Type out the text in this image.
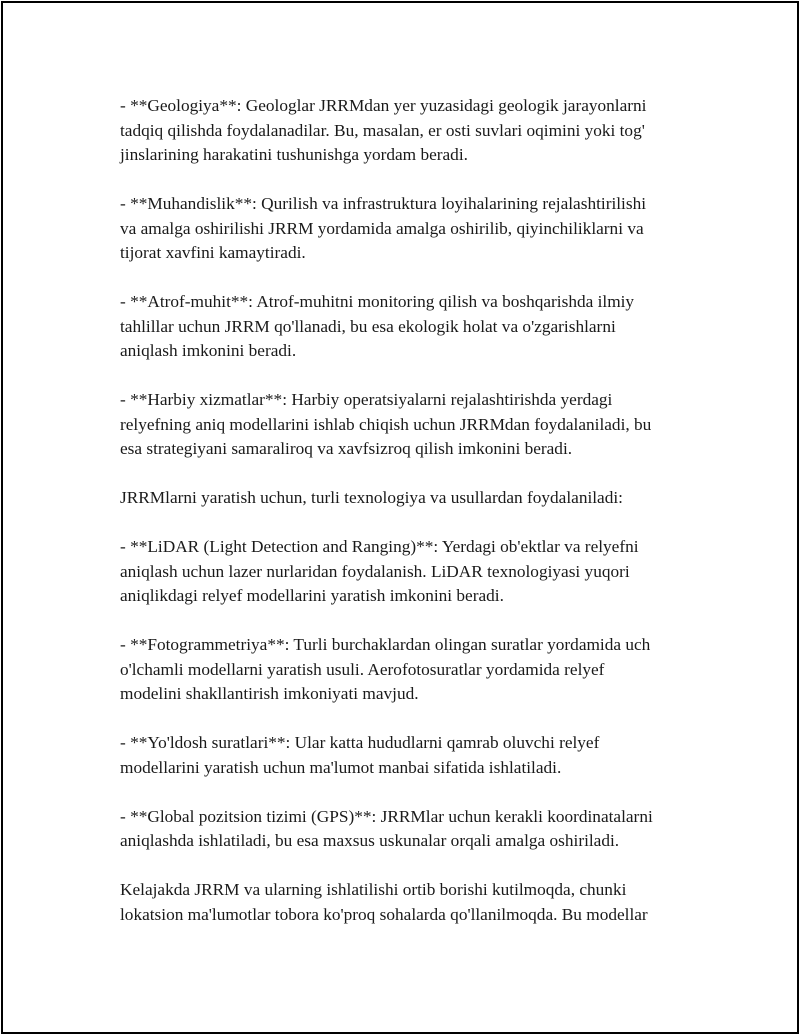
- **Geologiya**: Geologlar JRRMdan yer yuzasidagi geologik jarayonlarni
tadqiq qilishda foydalanadilar. Bu, masalan, er osti suvlari oqimini yoki tog'
jinslarining harakatini tushunishga yordam beradi.

- **Muhandislik**: Qurilish va infrastruktura loyihalarining rejalashtirilishi
va amalga oshirilishi JRRM yordamida amalga oshirilib, qiyinchiliklarni va
tijorat xavfini kamaytiradi.

- **Atrof-muhit**: Atrof-muhitni monitoring qilish va boshqarishda ilmiy
tahlillar uchun JRRM qo'llanadi, bu esa ekologik holat va o'zgarishlarni
aniqlash imkonini beradi.

- **Harbiy xizmatlar**: Harbiy operatsiyalarni rejalashtirishda yerdagi
relyefning aniq modellarini ishlab chiqish uchun JRRMdan foydalaniladi, bu
esa strategiyani samaraliroq va xavfsizroq qilish imkonini beradi.

JRRMlarni yaratish uchun, turli texnologiya va usullardan foydalaniladi:

- **LiDAR (Light Detection and Ranging)**: Yerdagi ob'ektlar va relyefni
aniqlash uchun lazer nurlaridan foydalanish. LiDAR texnologiyasi yuqori
aniqlikdagi relyef modellarini yaratish imkonini beradi.

- **Fotogrammetriya**: Turli burchaklardan olingan suratlar yordamida uch
o'lchamli modellarni yaratish usuli. Aerofotosuratlar yordamida relyef
modelini shakllantirish imkoniyati mavjud.

- **Yo'ldosh suratlari**: Ular katta hududlarni qamrab oluvchi relyef
modellarini yaratish uchun ma'lumot manbai sifatida ishlatiladi.

- **Global pozitsion tizimi (GPS)**: JRRMlar uchun kerakli koordinatalarni
aniqlashda ishlatiladi, bu esa maxsus uskunalar orqali amalga oshiriladi.

Kelajakda JRRM va ularning ishlatilishi ortib borishi kutilmoqda, chunki
lokatsion ma'lumotlar tobora ko'proq sohalarda qo'llanilmoqda. Bu modellar
